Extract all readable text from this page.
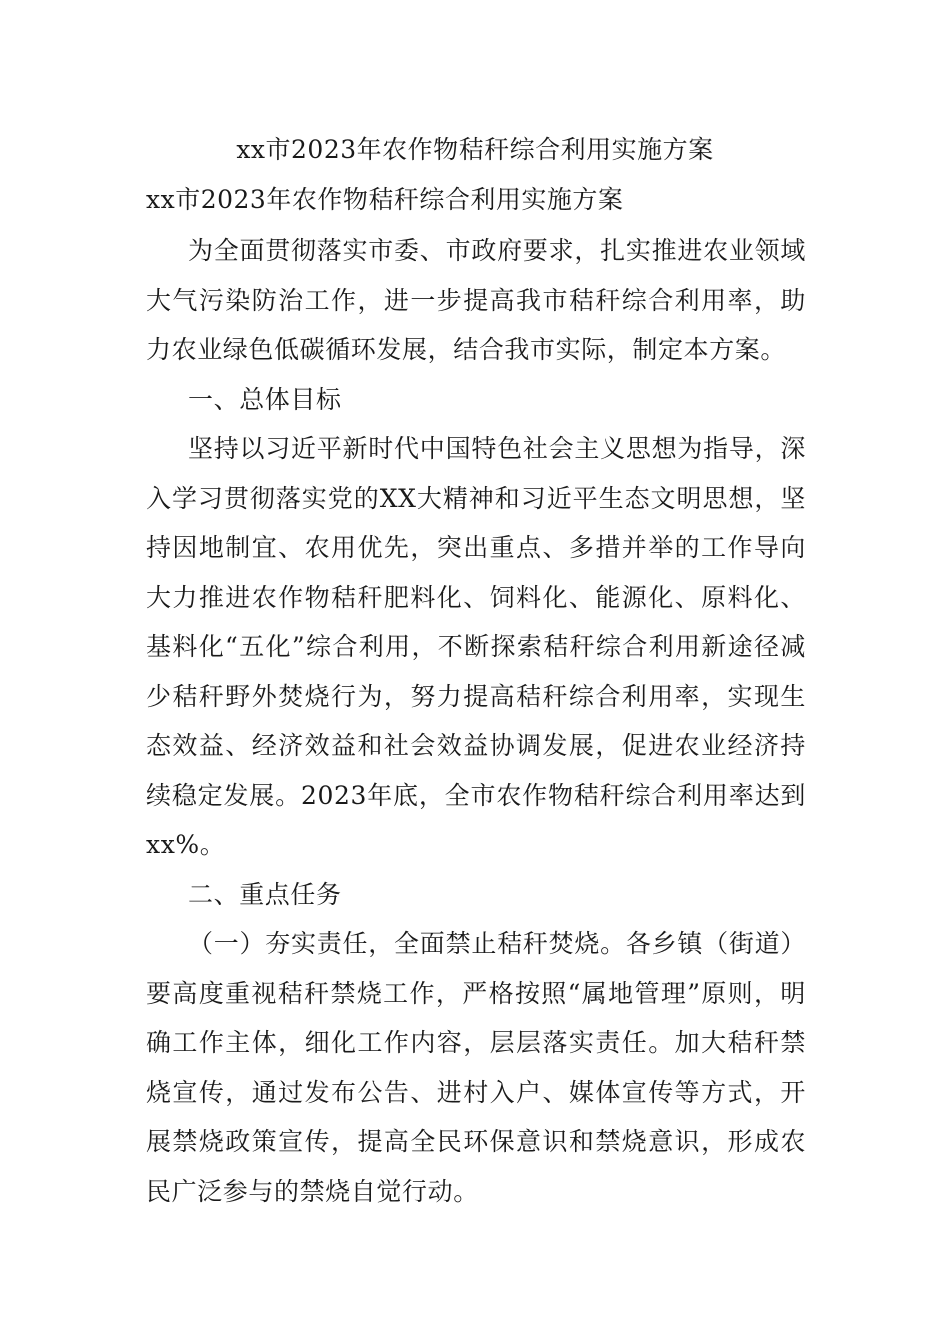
xx市2023年农作物秸秆综合利用实施方案
xx市2023年农作物秸秆综合利用实施方案

为全面贯彻落实市委、市政府要求，扎实推进农业领域大气污染防治工作，进一步提高我市秸秆综合利用率，助力农业绿色低碳循环发展，结合我市实际，制定本方案。

一、总体目标

坚持以习近平新时代中国特色社会主义思想为指导，深入学习贯彻落实党的XX大精神和习近平生态文明思想，坚持因地制宜、农用优先，突出重点、多措并举的工作导向大力推进农作物秸秆肥料化、饲料化、能源化、原料化、基料化“五化”综合利用，不断探索秸秆综合利用新途径减少秸秆野外焚烧行为，努力提高秸秆综合利用率，实现生态效益、经济效益和社会效益协调发展，促进农业经济持续稳定发展。2023年底，全市农作物秸秆综合利用率达到xx%。

二、重点任务

（一）夯实责任，全面禁止秸秆焚烧。各乡镇（街道）要高度重视秸秆禁烧工作，严格按照“属地管理”原则，明确工作主体，细化工作内容，层层落实责任。加大秸秆禁烧宣传，通过发布公告、进村入户、媒体宣传等方式，开展禁烧政策宣传，提高全民环保意识和禁烧意识，形成农民广泛参与的禁烧自觉行动。
